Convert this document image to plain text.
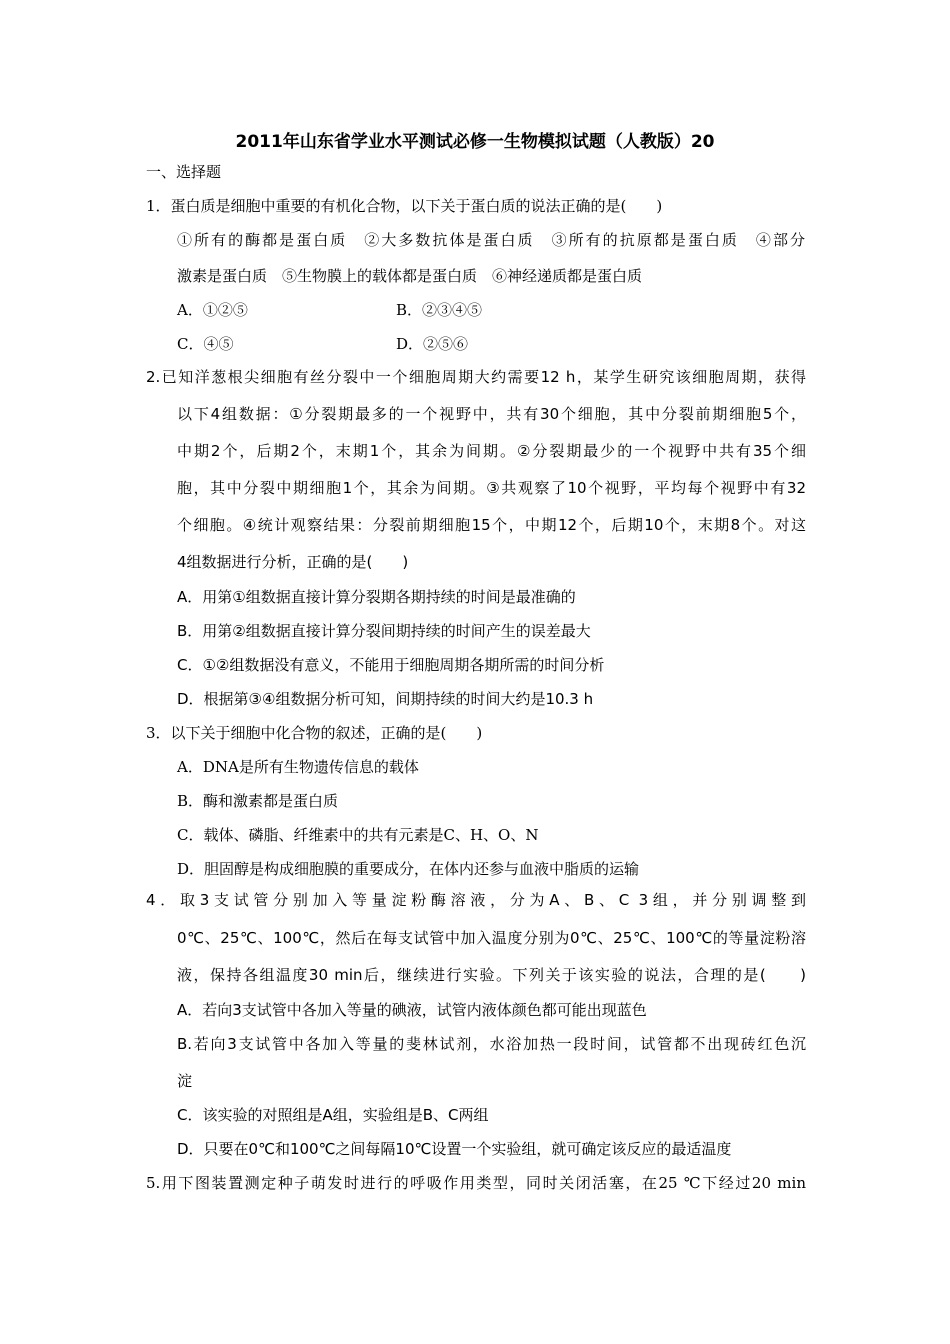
2011年山东省学业水平测试必修一生物模拟试题（人教版）20
一、选择题
1．蛋白质是细胞中重要的有机化合物，以下关于蛋白质的说法正确的是(　　)
①所有的酶都是蛋白质　②大多数抗体是蛋白质　③所有的抗原都是蛋白质　④部分
激素是蛋白质　⑤生物膜上的载体都是蛋白质　⑥神经递质都是蛋白质
A．①②⑤	B．②③④⑤
C．④⑤	D．②⑤⑥
2.已知洋葱根尖细胞有丝分裂中一个细胞周期大约需要12 h，某学生研究该细胞周期，获得
以下4组数据：①分裂期最多的一个视野中，共有30个细胞，其中分裂前期细胞5个，
中期2个，后期2个，末期1个，其余为间期。②分裂期最少的一个视野中共有35个细
胞，其中分裂中期细胞1个，其余为间期。③共观察了10个视野，平均每个视野中有32
个细胞。④统计观察结果：分裂前期细胞15个，中期12个，后期10个，末期8个。对这
4组数据进行分析，正确的是(　　)
A．用第①组数据直接计算分裂期各期持续的时间是最准确的
B．用第②组数据直接计算分裂间期持续的时间产生的误差最大
C．①②组数据没有意义，不能用于细胞周期各期所需的时间分析
D．根据第③④组数据分析可知，间期持续的时间大约是10.3 h
3．以下关于细胞中化合物的叙述，正确的是(　　)
A．DNA是所有生物遗传信息的载体
B．酶和激素都是蛋白质
C．载体、磷脂、纤维素中的共有元素是C、H、O、N
D．胆固醇是构成细胞膜的重要成分，在体内还参与血液中脂质的运输
4．取3支试管分别加入等量淀粉酶溶液，分为A、B、C 3组，并分别调整到
0℃、25℃、100℃，然后在每支试管中加入温度分别为0℃、25℃、100℃的等量淀粉溶
液，保持各组温度30 min后，继续进行实验。下列关于该实验的说法，合理的是(　　)
A．若向3支试管中各加入等量的碘液，试管内液体颜色都可能出现蓝色
B.若向3支试管中各加入等量的斐林试剂，水浴加热一段时间，试管都不出现砖红色沉
淀
C．该实验的对照组是A组，实验组是B、C两组
D．只要在0℃和100℃之间每隔10℃设置一个实验组，就可确定该反应的最适温度
5.用下图装置测定种子萌发时进行的呼吸作用类型，同时关闭活塞，在25 ℃下经过20 min
